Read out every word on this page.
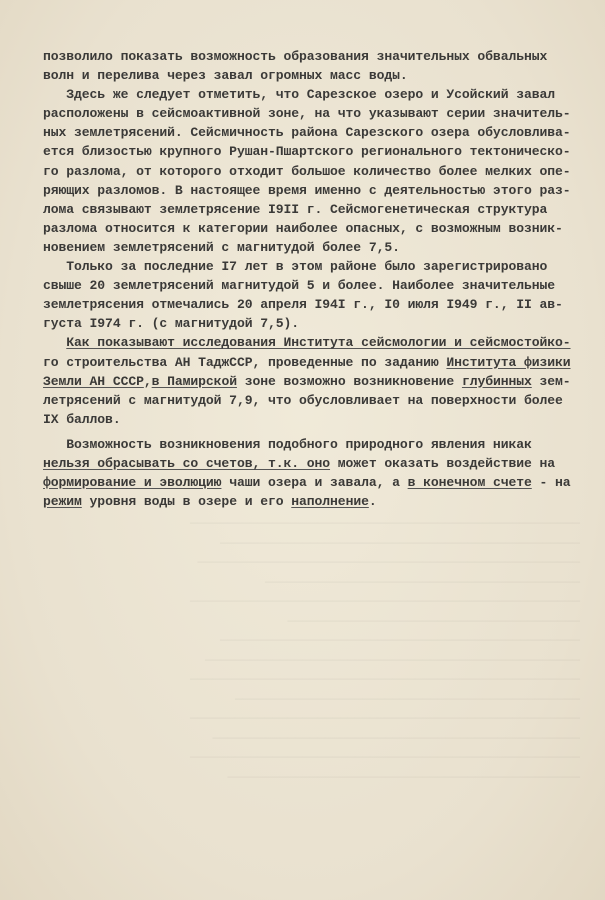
позволило показать возможность образования значительных обвальных
волн и перелива через завал огромных масс воды.
Здесь же следует отметить, что Сарезское озеро и Усойский завал
расположены в сейсмоактивной зоне, на что указывают серии значитель-
ных землетрясений. Сейсмичность района Сарезского озера обусловлива-
ется близостью крупного Рушан-Пшартского регионального тектоническо-
го разлома, от которого отходит большое количество более мелких опе-
ряющих разломов. В настоящее время именно с деятельностью этого раз-
лома связывают землетрясение I9II г. Сейсмогенетическая структура
разлома относится к категории наиболее опасных, с возможным возник-
новением землетрясений с магнитудой более 7,5.
Только за последние I7 лет в этом районе было зарегистрировано
свыше 20 землетрясений магнитудой 5 и более. Наиболее значительные
землетрясения отмечались 20 апреля I94I г., I0 июля I949 г., II ав-
густа I974 г. (с магнитудой 7,5).
Как показывают исследования Института сейсмологии и сейсмостойко-
го строительства АН ТаджССР, проведенные по заданию Института физики
Земли АН СССР,в Памирской зоне возможно возникновение глубинных зем-
летрясений с магнитудой 7,9, что обусловливает на поверхности более
IX баллов.
Возможность возникновения подобного природного явления никак
нельзя обрасывать со счетов, т.к. оно может оказать воздействие на
формирование и эволюцию чаши озера и завала, а в конечном счете - на
режим уровня воды в озере и его наполнение.
────────────────────────────────────────────────────
────────────────────────────────────────────────
───────────────────────────────────────────────────
──────────────────────────────────────────
────────────────────────────────────────────────────
───────────────────────────────────────
────────────────────────────────────────────────
──────────────────────────────────────────────────
────────────────────────────────────────────────────
──────────────────────────────────────────────
────────────────────────────────────────────────────
─────────────────────────────────────────────────
────────────────────────────────────────────────────
───────────────────────────────────────────────
